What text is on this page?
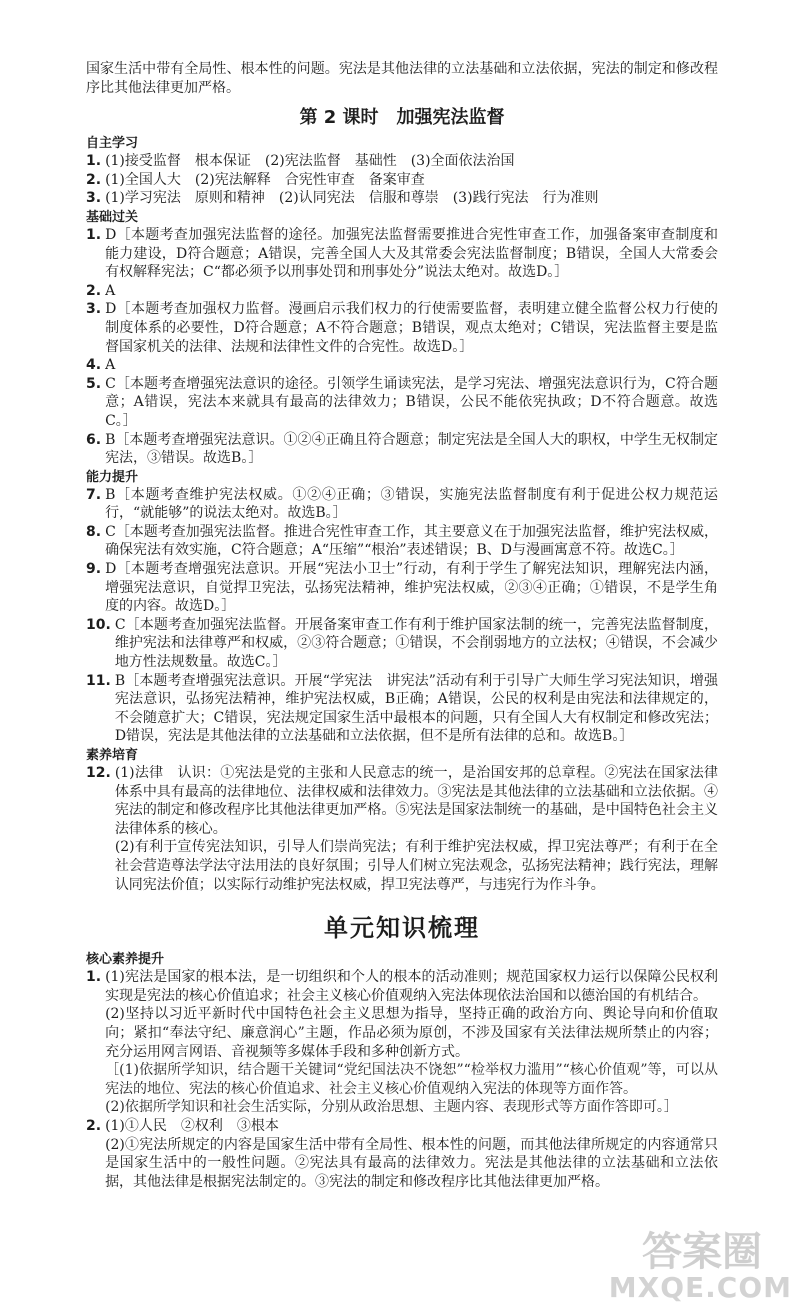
国家生活中带有全局性、根本性的问题。宪法是其他法律的立法基础和立法依据，宪法的制定和修改程序比其他法律更加严格。

第 2 课时　加强宪法监督
自主学习
1. (1)接受监督　根本保证　(2)宪法监督　基础性　(3)全面依法治国
2. (1)全国人大　(2)宪法解释　合宪性审查　备案审查
3. (1)学习宪法　原则和精神　(2)认同宪法　信服和尊崇　(3)践行宪法　行为准则
基础过关
1. D［本题考查加强宪法监督的途径。加强宪法监督需要推进合宪性审查工作，加强备案审查制度和能力建设，D符合题意；A错误，完善全国人大及其常委会宪法监督制度；B错误，全国人大常委会有权解释宪法；C“都必须予以刑事处罚和刑事处分”说法太绝对。故选D。］
2. A
3. D［本题考查加强权力监督。漫画启示我们权力的行使需要监督，表明建立健全监督公权力行使的制度体系的必要性，D符合题意；A不符合题意；B错误，观点太绝对；C错误，宪法监督主要是监督国家机关的法律、法规和法律性文件的合宪性。故选D。］
4. A
5. C［本题考查增强宪法意识的途径。引领学生诵读宪法，是学习宪法、增强宪法意识行为，C符合题意；A错误，宪法本来就具有最高的法律效力；B错误，公民不能依宪执政；D不符合题意。故选C。］
6. B［本题考查增强宪法意识。①②④正确且符合题意；制定宪法是全国人大的职权，中学生无权制定宪法，③错误。故选B。］
能力提升
7. B［本题考查维护宪法权威。①②④正确；③错误，实施宪法监督制度有利于促进公权力规范运行，“就能够”的说法太绝对。故选B。］
8. C［本题考查加强宪法监督。推进合宪性审查工作，其主要意义在于加强宪法监督，维护宪法权威，确保宪法有效实施，C符合题意；A“压缩”“根治”表述错误；B、D与漫画寓意不符。故选C。］
9. D［本题考查增强宪法意识。开展“宪法小卫士”行动，有利于学生了解宪法知识，理解宪法内涵，增强宪法意识，自觉捍卫宪法，弘扬宪法精神，维护宪法权威，②③④正确；①错误，不是学生角度的内容。故选D。］
10. C［本题考查加强宪法监督。开展备案审查工作有利于维护国家法制的统一，完善宪法监督制度，维护宪法和法律尊严和权威，②③符合题意；①错误，不会削弱地方的立法权；④错误，不会减少地方性法规数量。故选C。］
11. B［本题考查增强宪法意识。开展“学宪法　讲宪法”活动有利于引导广大师生学习宪法知识，增强宪法意识，弘扬宪法精神，维护宪法权威，B正确；A错误，公民的权利是由宪法和法律规定的，不会随意扩大；C错误，宪法规定国家生活中最根本的问题，只有全国人大有权制定和修改宪法；D错误，宪法是其他法律的立法基础和立法依据，但不是所有法律的总和。故选B。］
素养培育
12. (1)法律　认识：①宪法是党的主张和人民意志的统一，是治国安邦的总章程。②宪法在国家法律体系中具有最高的法律地位、法律权威和法律效力。③宪法是其他法律的立法基础和立法依据。④宪法的制定和修改程序比其他法律更加严格。⑤宪法是国家法制统一的基础，是中国特色社会主义法律体系的核心。

(2)有利于宣传宪法知识，引导人们崇尚宪法；有利于维护宪法权威，捍卫宪法尊严；有利于在全社会营造尊法学法守法用法的良好氛围；引导人们树立宪法观念，弘扬宪法精神；践行宪法，理解认同宪法价值；以实际行动维护宪法权威，捍卫宪法尊严，与违宪行为作斗争。

单元知识梳理
核心素养提升
1. (1)宪法是国家的根本法，是一切组织和个人的根本的活动准则；规范国家权力运行以保障公民权利实现是宪法的核心价值追求；社会主义核心价值观纳入宪法体现依法治国和以德治国的有机结合。

(2)坚持以习近平新时代中国特色社会主义思想为指导，坚持正确的政治方向、舆论导向和价值取向；紧扣“奉法守纪、廉意润心”主题，作品必须为原创，不涉及国家有关法律法规所禁止的内容；充分运用网言网语、音视频等多媒体手段和多种创新方式。

［(1)依据所学知识，结合题干关键词“党纪国法决不饶恕”“检举权力滥用”“核心价值观”等，可以从宪法的地位、宪法的核心价值追求、社会主义核心价值观纳入宪法的体现等方面作答。

(2)依据所学知识和社会生活实际，分别从政治思想、主题内容、表现形式等方面作答即可。］

2. (1)①人民　②权利　③根本

(2)①宪法所规定的内容是国家生活中带有全局性、根本性的问题，而其他法律所规定的内容通常只是国家生活中的一般性问题。②宪法具有最高的法律效力。宪法是其他法律的立法基础和立法依据，其他法律是根据宪法制定的。③宪法的制定和修改程序比其他法律更加严格。

答案圈
MXQE.COM
